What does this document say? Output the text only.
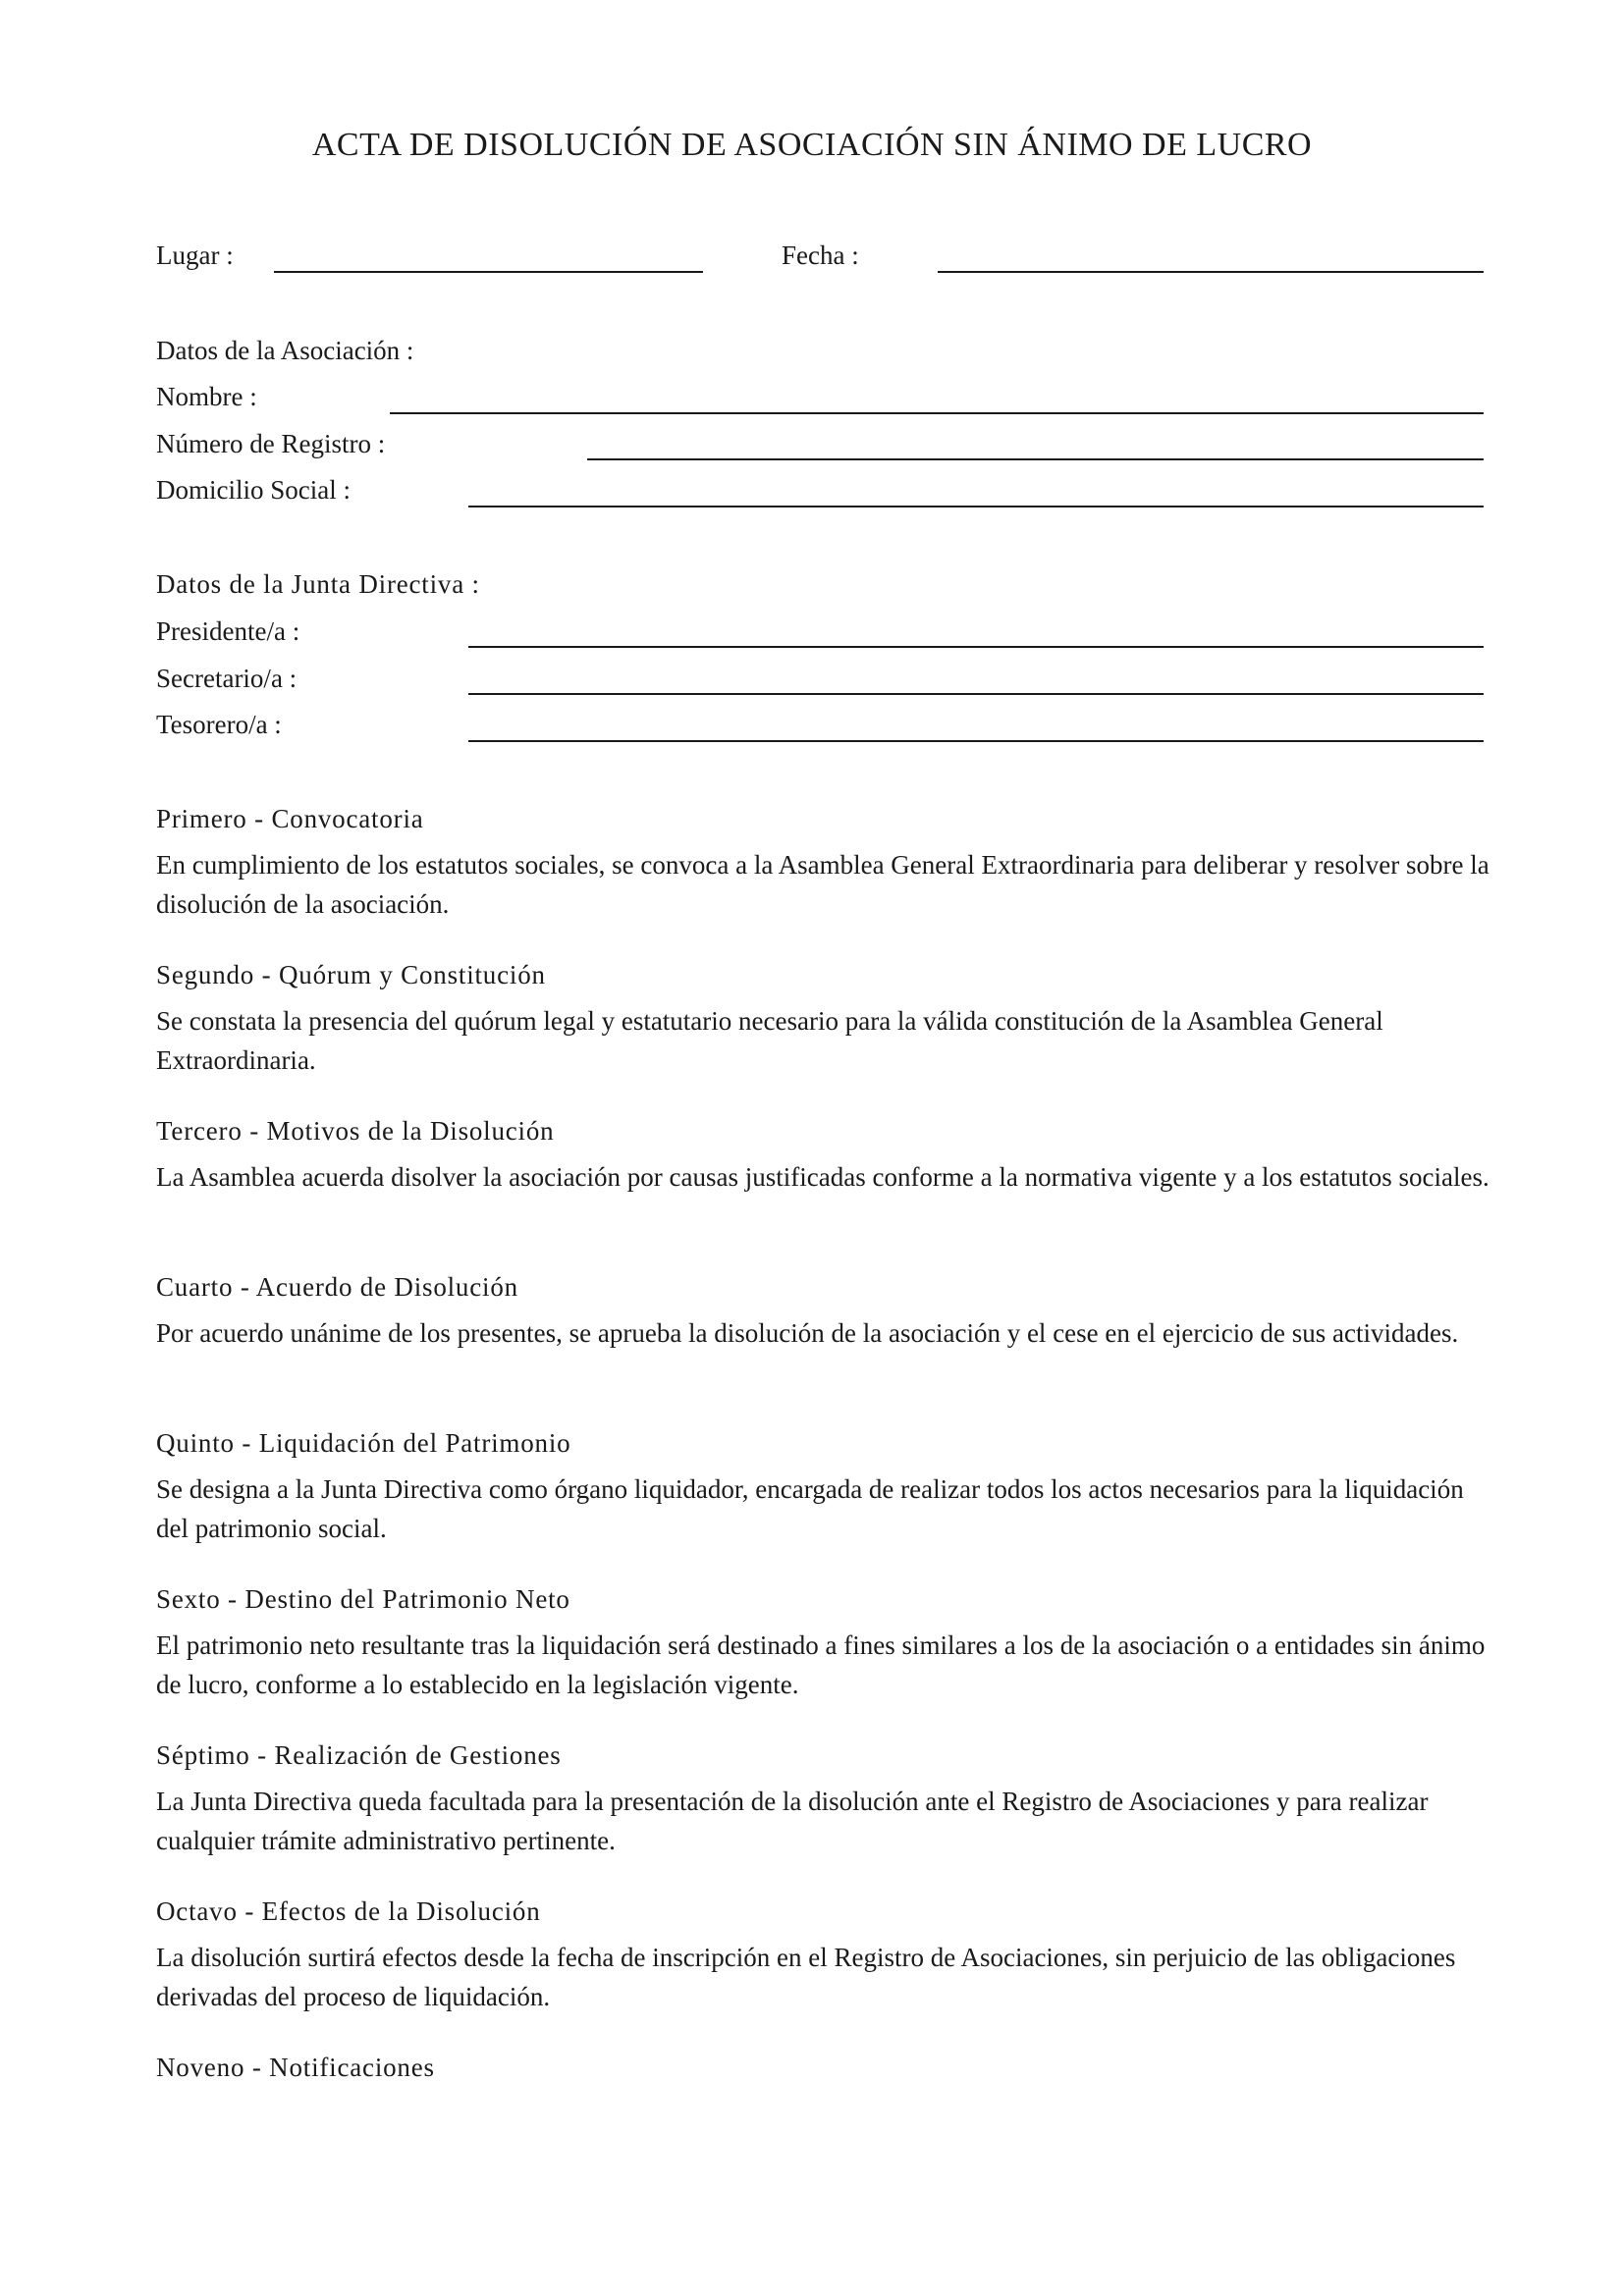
ACTA DE DISOLUCIÓN DE ASOCIACIÓN SIN ÁNIMO DE LUCRO
Lugar :	Fecha :
Datos de la Asociación :
Nombre :
Número de Registro :
Domicilio Social :
Datos de la Junta Directiva :
Presidente/a :
Secretario/a :
Tesorero/a :
Primero - Convocatoria
En cumplimiento de los estatutos sociales, se convoca a la Asamblea General Extraordinaria para deliberar y resolver sobre la disolución de la asociación.
Segundo - Quórum y Constitución
Se constata la presencia del quórum legal y estatutario necesario para la válida constitución de la Asamblea General Extraordinaria.
Tercero - Motivos de la Disolución
La Asamblea acuerda disolver la asociación por causas justificadas conforme a la normativa vigente y a los estatutos sociales.
Cuarto - Acuerdo de Disolución
Por acuerdo unánime de los presentes, se aprueba la disolución de la asociación y el cese en el ejercicio de sus actividades.
Quinto - Liquidación del Patrimonio
Se designa a la Junta Directiva como órgano liquidador, encargada de realizar todos los actos necesarios para la liquidación del patrimonio social.
Sexto - Destino del Patrimonio Neto
El patrimonio neto resultante tras la liquidación será destinado a fines similares a los de la asociación o a entidades sin ánimo de lucro, conforme a lo establecido en la legislación vigente.
Séptimo - Realización de Gestiones
La Junta Directiva queda facultada para la presentación de la disolución ante el Registro de Asociaciones y para realizar cualquier trámite administrativo pertinente.
Octavo - Efectos de la Disolución
La disolución surtirá efectos desde la fecha de inscripción en el Registro de Asociaciones, sin perjuicio de las obligaciones derivadas del proceso de liquidación.
Noveno - Notificaciones
